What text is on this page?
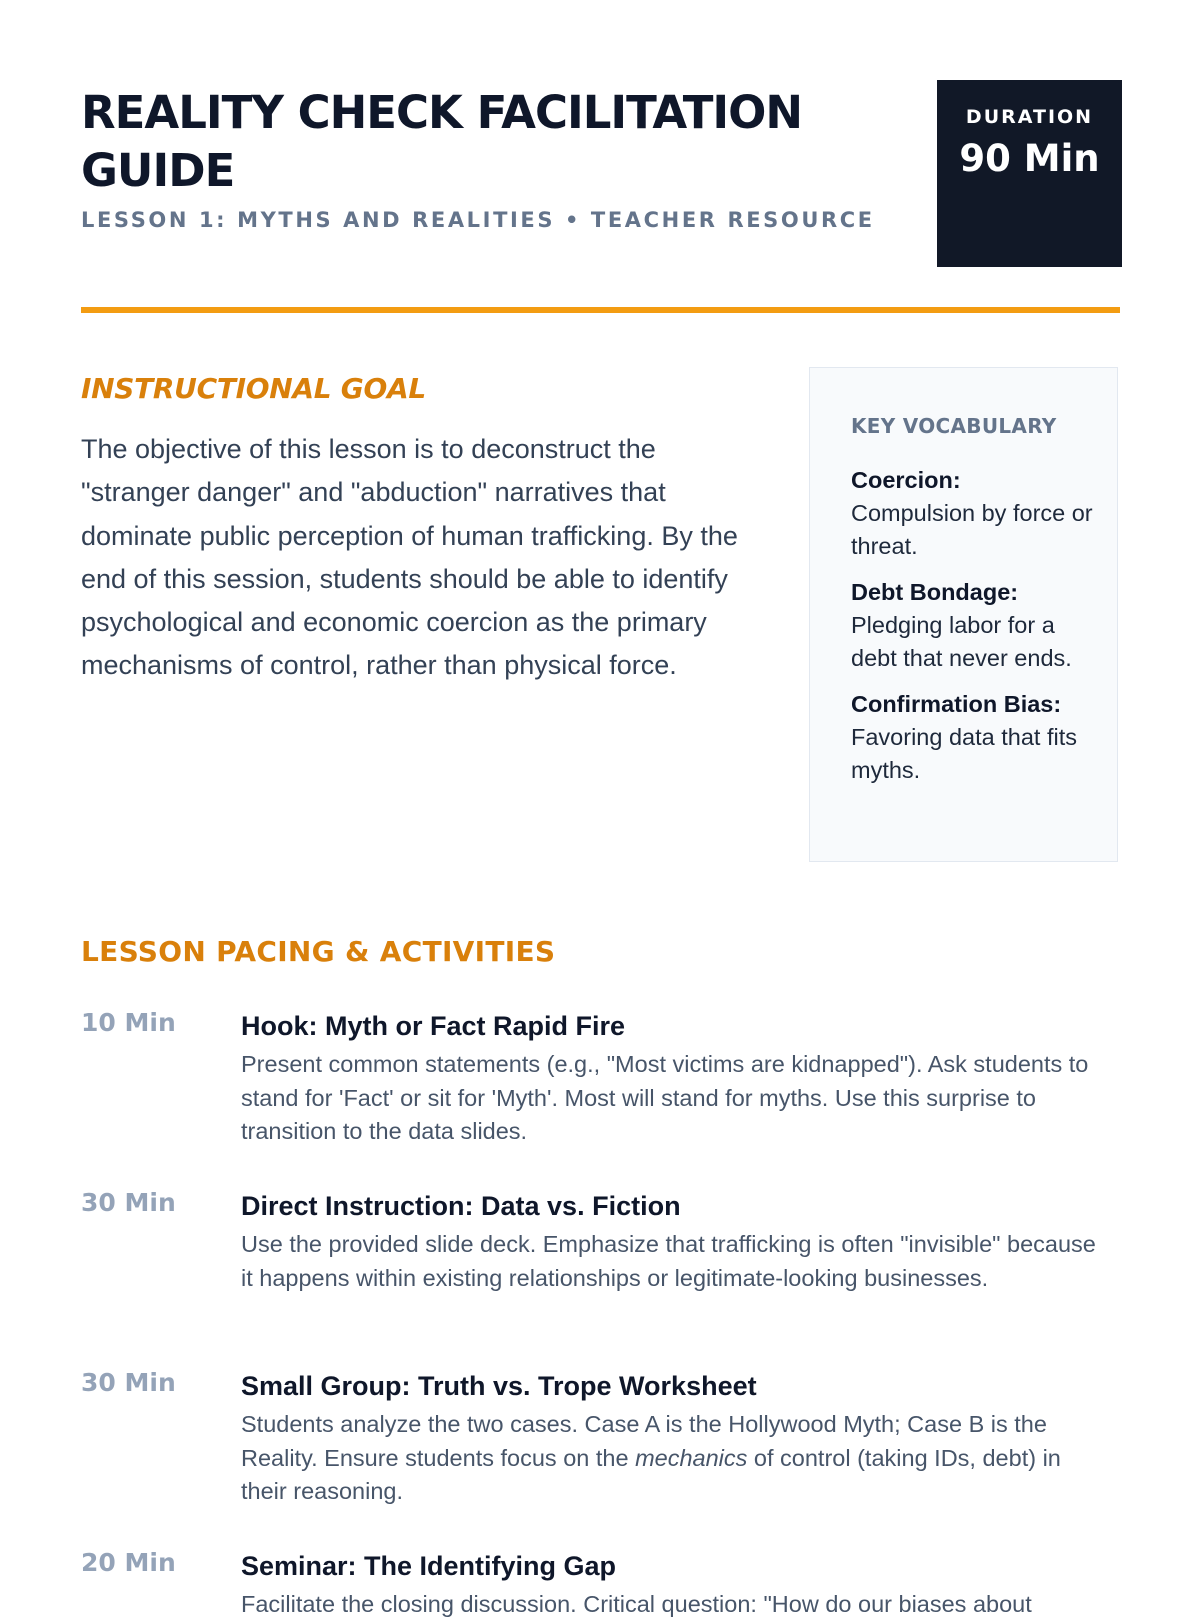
REALITY CHECK FACILITATION GUIDE
LESSON 1: MYTHS AND REALITIES • TEACHER RESOURCE
DURATION
90 Min
INSTRUCTIONAL GOAL

The objective of this lesson is to deconstruct the "stranger danger" and "abduction" narratives that dominate public perception of human trafficking. By the end of this session, students should be able to identify psychological and economic coercion as the primary mechanisms of control, rather than physical force.

KEY VOCABULARY
Coercion:
Compulsion by force or threat.
Debt Bondage:
Pledging labor for a debt that never ends.
Confirmation Bias:
Favoring data that fits myths.
LESSON PACING & ACTIVITIES
10 Min Hook: Myth or Fact Rapid Fire
Present common statements (e.g., "Most victims are kidnapped"). Ask students to stand for 'Fact' or sit for 'Myth'. Most will stand for myths. Use this surprise to transition to the data slides.
30 Min Direct Instruction: Data vs. Fiction
Use the provided slide deck. Emphasize that trafficking is often "invisible" because it happens within existing relationships or legitimate-looking businesses.
30 Min Small Group: Truth vs. Trope Worksheet
Students analyze the two cases. Case A is the Hollywood Myth; Case B is the Reality. Ensure students focus on the mechanics of control (taking IDs, debt) in their reasoning.
20 Min Seminar: The Identifying Gap
Facilitate the closing discussion. Critical question: "How do our biases about
